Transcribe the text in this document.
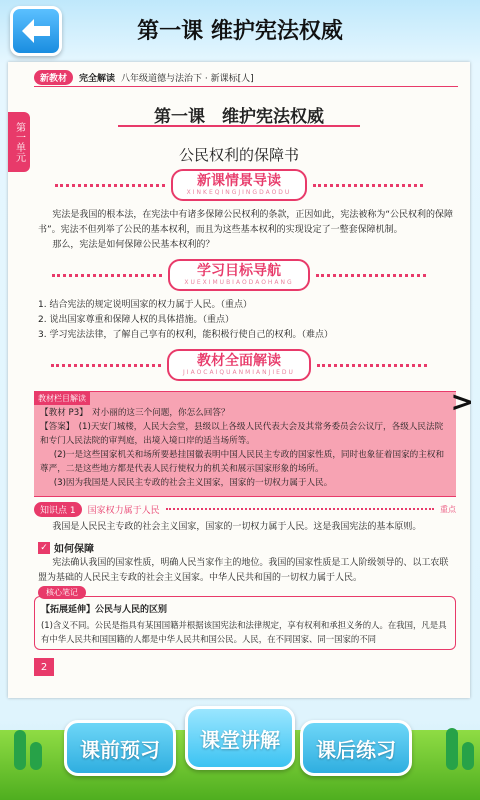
第一课 维护宪法权威
第一单元
新教材	完全解读 八年级道德与法治下 · 新课标[人]
第一课　维护宪法权威
公民权利的保障书
新课情景导读
XINKEQINGJINGDAODU
宪法是我国的根本法，在宪法中有诸多保障公民权利的条款，正因如此，宪法被称为“公民权利的保障书”。宪法不但列举了公民的基本权利，而且为这些基本权利的实现设定了一整套保障机制。
那么，宪法是如何保障公民基本权利的？
学习目标导航
XUEXIMUBIAODAOHANG
1. 结合宪法的规定说明国家的权力属于人民。（重点）
2. 说出国家尊重和保障人权的具体措施。（重点）
3. 学习宪法法律，了解自己享有的权利，能积极行使自己的权利。（难点）
教材全面解读
JIAOCAIQUANMIANJIEDU
教材栏目解读
【教材 P3】　对小丽的这三个问题，你怎么回答？
【答案】　(1)天安门城楼，人民大会堂，县级以上各级人民代表大会及其常务委员会公议厅，各级人民法院和专门人民法院的审判庭，出境入境口岸的适当场所等。
(2)一是这些国家机关和场所要悬挂国徽表明中国人民民主专政的国家性质，同时也象征着国家的主权和尊严，二是这些地方都是代表人民行使权力的机关和展示国家形象的场所。
(3)因为我国是人民民主专政的社会主义国家，国家的一切权力属于人民。
知识点 1	国家权力属于人民	重点
我国是人民民主专政的社会主义国家，国家的一切权力属于人民。这是我国宪法的基本原则。
✓ 如何保障
宪法确认我国的国家性质，明确人民当家作主的地位。我国的国家性质是工人阶级领导的、以工农联盟为基础的人民民主专政的社会主义国家。中华人民共和国的一切权力属于人民。
【拓展延伸】公民与人民的区别
(1)含义不同。公民是指具有某国国籍并根据该国宪法和法律规定，享有权利和承担义务的人。在我国，凡是具有中华人民共和国国籍的人都是中华人民共和国公民。人民，在不同国家、同一国家的不同
核心笔记
2
>
课前预习	课堂讲解	课后练习
